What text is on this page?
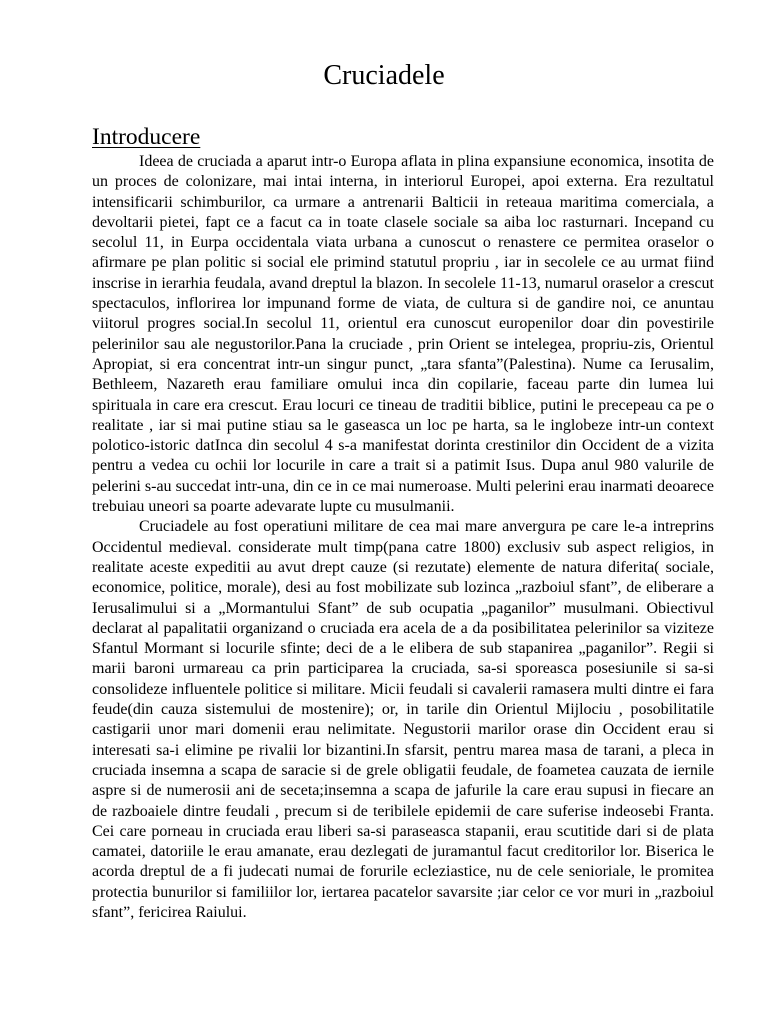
Cruciadele
Introducere

Ideea de cruciada a aparut intr-o Europa aflata in plina expansiune economica, insotita de un proces de colonizare, mai intai interna, in interiorul Europei, apoi externa. Era rezultatul intensificarii schimburilor, ca urmare a antrenarii Balticii in reteaua maritima comerciala, a devoltarii pietei, fapt ce a facut ca in toate clasele sociale sa aiba loc rasturnari. Incepand cu secolul 11, in Eurpa occidentala viata urbana a cunoscut o renastere ce permitea oraselor o afirmare pe plan politic si social ele primind statutul propriu , iar in secolele ce au urmat fiind inscrise in ierarhia feudala, avand dreptul la blazon. In secolele 11-13, numarul oraselor a crescut spectaculos, inflorirea lor impunand forme de viata, de cultura si de gandire noi, ce anuntau viitorul progres social.In secolul 11, orientul era cunoscut europenilor doar din povestirile pelerinilor sau ale negustorilor.Pana la cruciade , prin Orient se intelegea, propriu-zis, Orientul Apropiat, si era concentrat intr-un singur punct, „tara sfanta”(Palestina). Nume ca Ierusalim, Bethleem, Nazareth erau familiare omului inca din copilarie, faceau parte din lumea lui spirituala in care era crescut. Erau locuri ce tineau de traditii biblice, putini le precepeau ca pe o realitate , iar si mai putine stiau sa le gaseasca un loc pe harta, sa le inglobeze intr-un context polotico-istoric datInca din secolul 4 s-a manifestat dorinta crestinilor din Occident de a vizita pentru a vedea cu ochii lor locurile in care a trait si a patimit Isus. Dupa anul 980 valurile de pelerini s-au succedat intr-una, din ce in ce mai numeroase. Multi pelerini erau inarmati deoarece trebuiau uneori sa poarte adevarate lupte cu musulmanii.

Cruciadele au fost operatiuni militare de cea mai mare anvergura pe care le-a intreprins Occidentul medieval. considerate mult timp(pana catre 1800) exclusiv sub aspect religios, in realitate aceste expeditii au avut drept cauze (si rezutate) elemente de natura diferita( sociale, economice, politice, morale), desi au fost mobilizate sub lozinca „razboiul sfant”, de eliberare a Ierusalimului si a „Mormantului Sfant” de sub ocupatia „paganilor” musulmani. Obiectivul declarat al papalitatii organizand o cruciada era acela de a da posibilitatea pelerinilor sa viziteze Sfantul Mormant si locurile sfinte; deci de a le elibera de sub stapanirea „paganilor”. Regii si marii baroni urmareau ca prin participarea la cruciada, sa-si sporeasca posesiunile si sa-si consolideze influentele politice si militare. Micii feudali si cavalerii ramasera multi dintre ei fara feude(din cauza sistemului de mostenire); or, in tarile din Orientul Mijlociu , posobilitatile castigarii unor mari domenii erau nelimitate. Negustorii marilor orase din Occident erau si interesati sa-i elimine pe rivalii lor bizantini.In sfarsit, pentru marea masa de tarani, a pleca in cruciada insemna a scapa de saracie si de grele obligatii feudale, de foametea cauzata de iernile aspre si de numerosii ani de seceta;insemna a scapa de jafurile la care erau supusi in fiecare an de razboaiele dintre feudali , precum si de teribilele epidemii de care suferise indeosebi Franta. Cei care porneau in cruciada erau liberi sa-si paraseasca stapanii, erau scutitide dari si de plata camatei, datoriile le erau amanate, erau dezlegati de juramantul facut creditorilor lor. Biserica le acorda dreptul de a fi judecati numai de forurile ecleziastice, nu de cele senioriale, le promitea protectia bunurilor si familiilor lor, iertarea pacatelor savarsite ;iar celor ce vor muri in „razboiul sfant”, fericirea Raiului.
